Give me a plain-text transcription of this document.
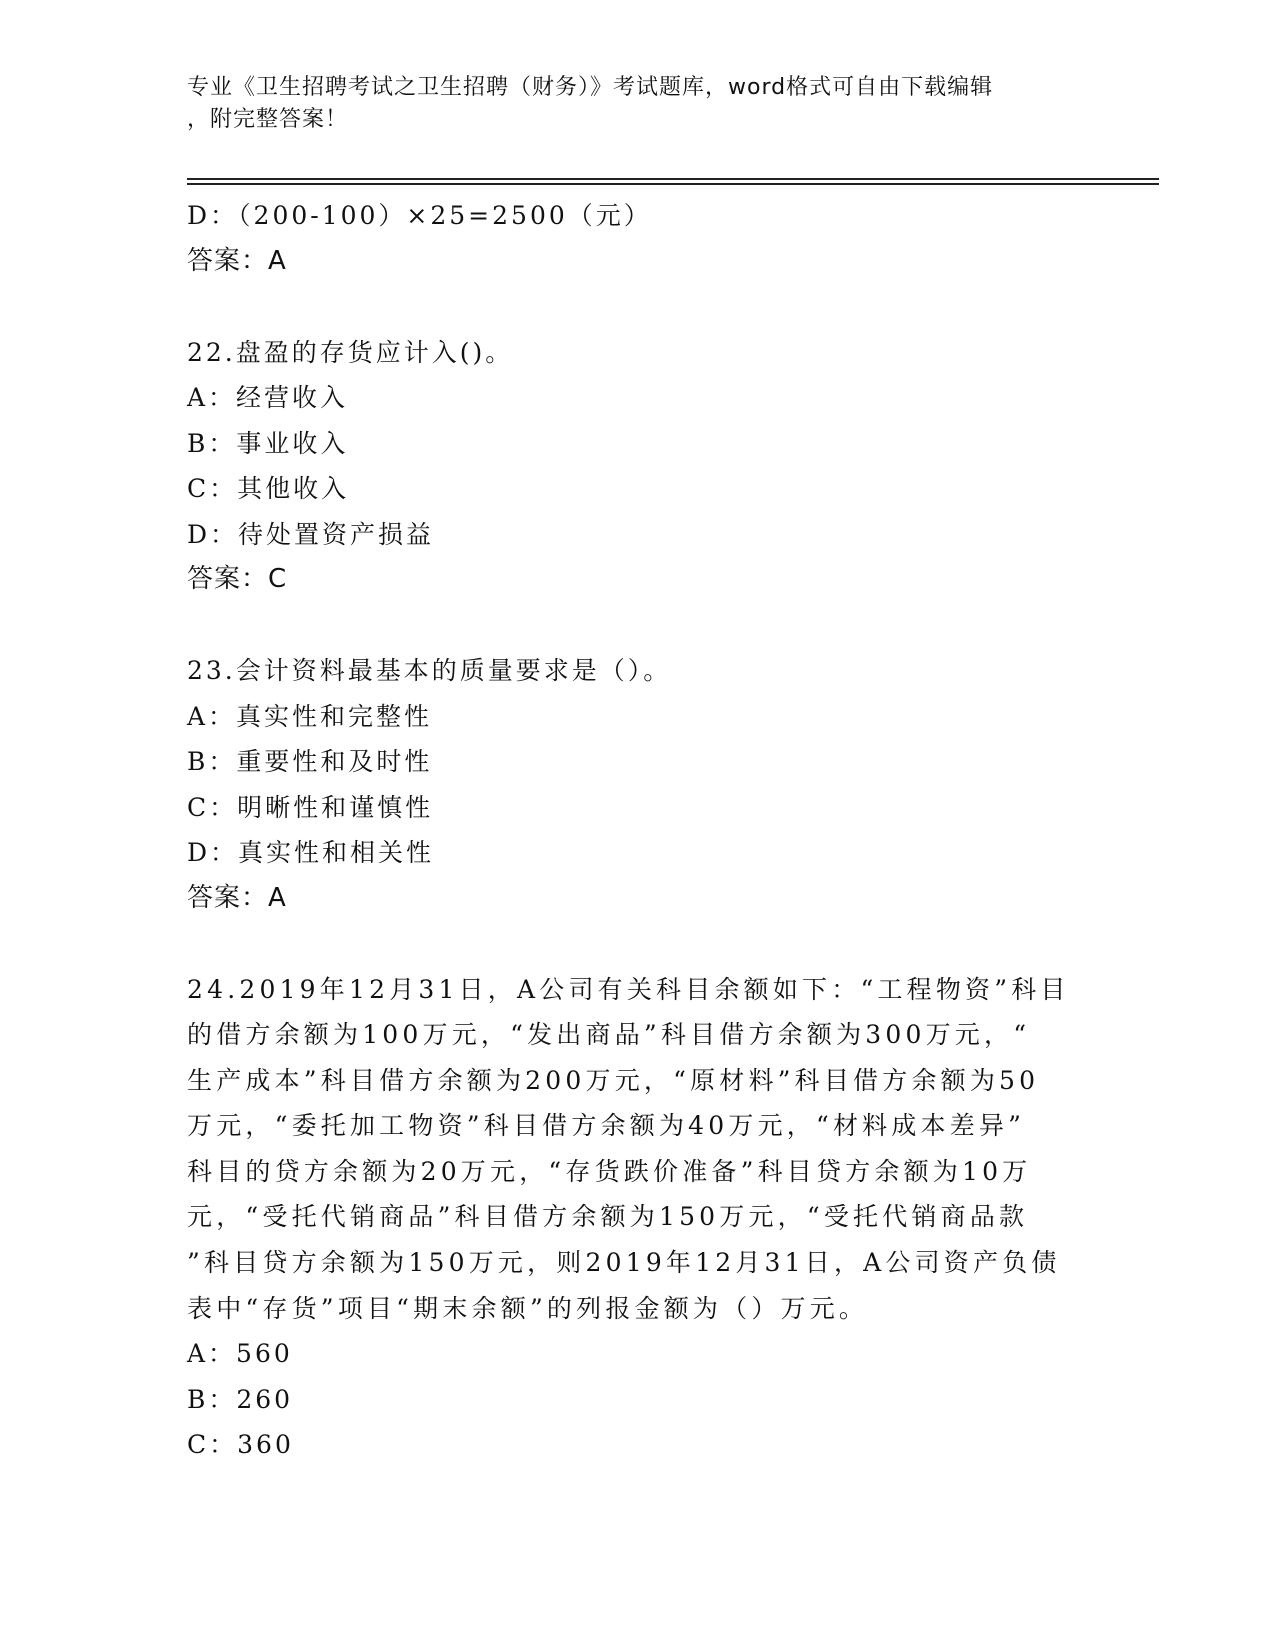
专业《卫生招聘考试之卫生招聘（财务）》考试题库，word格式可自由下载编辑
，附完整答案！
D：（200-100）×25=2500（元）
答案：A
22.盘盈的存货应计入()。
A：经营收入
B：事业收入
C：其他收入
D：待处置资产损益
答案：C
23.会计资料最基本的质量要求是（）。
A：真实性和完整性
B：重要性和及时性
C：明晰性和谨慎性
D：真实性和相关性
答案：A
24.2019年12月31日，A公司有关科目余额如下：“工程物资”科目
的借方余额为100万元，“发出商品”科目借方余额为300万元，“
生产成本”科目借方余额为200万元，“原材料”科目借方余额为50
万元，“委托加工物资”科目借方余额为40万元，“材料成本差异”
科目的贷方余额为20万元，“存货跌价准备”科目贷方余额为10万
元，“受托代销商品”科目借方余额为150万元，“受托代销商品款
”科目贷方余额为150万元，则2019年12月31日，A公司资产负债
表中“存货”项目“期末余额”的列报金额为（）万元。
A：560
B：260
C：360
